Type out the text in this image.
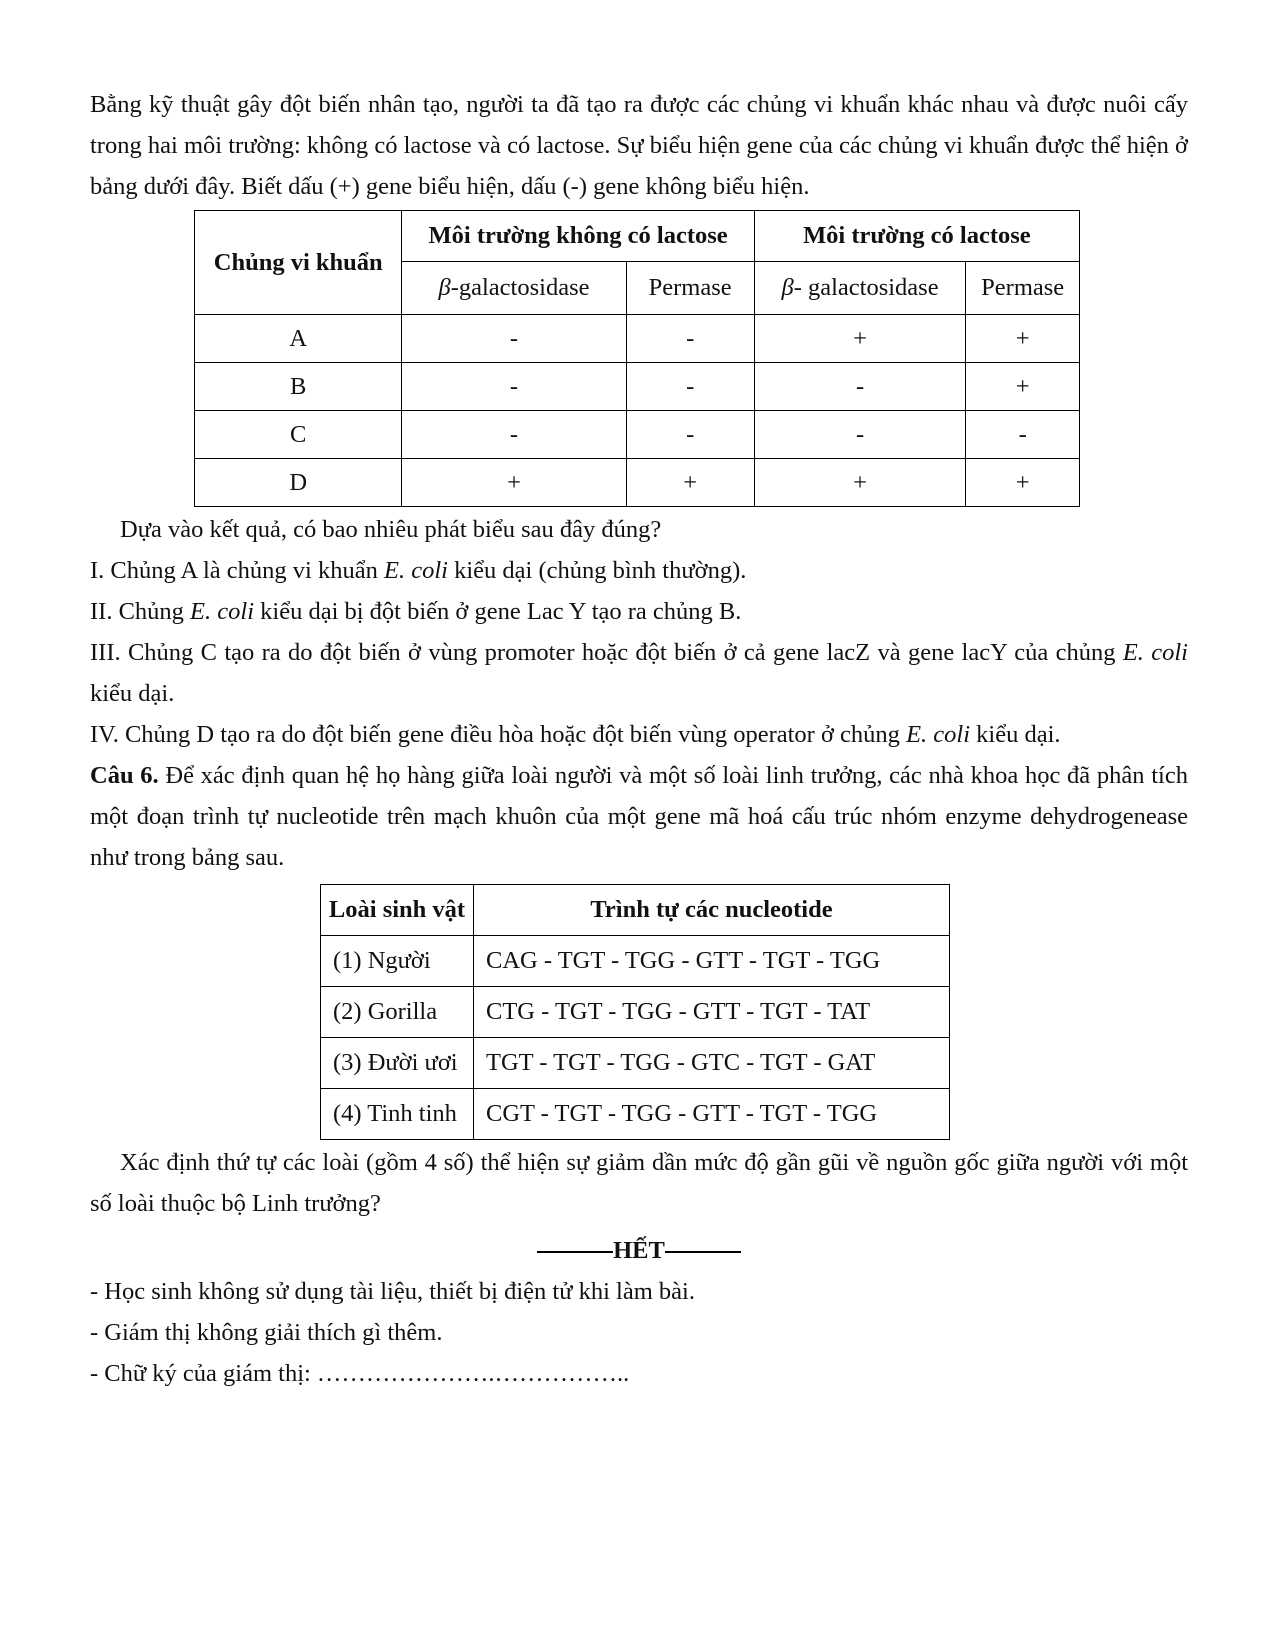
Bằng kỹ thuật gây đột biến nhân tạo, người ta đã tạo ra được các chủng vi khuẩn khác nhau và được nuôi cấy trong hai môi trường: không có lactose và có lactose. Sự biểu hiện gene của các chủng vi khuẩn được thể hiện ở bảng dưới đây. Biết dấu (+) gene biểu hiện, dấu (-) gene không biểu hiện.

Chủng vi khuẩn	Môi trường không có lactose		Môi trường có lactose	
	β-galactosidase	Permase	β- galactosidase	Permase
A	-	-	+	+
B	-	-	-	+
C	-	-	-	-
D	+	+	+	+

Dựa vào kết quả, có bao nhiêu phát biểu sau đây đúng?

I. Chủng A là chủng vi khuẩn E. coli kiểu dại (chủng bình thường).

II. Chủng E. coli kiểu dại bị đột biến ở gene Lac Y tạo ra chủng B.

III. Chủng C tạo ra do đột biến ở vùng promoter hoặc đột biến ở cả gene lacZ và gene lacY của chủng E. coli kiểu dại.

IV. Chủng D tạo ra do đột biến gene điều hòa hoặc đột biến vùng operator ở chủng E. coli kiểu dại.

Câu 6. Để xác định quan hệ họ hàng giữa loài người và một số loài linh trưởng, các nhà khoa học đã phân tích một đoạn trình tự nucleotide trên mạch khuôn của một gene mã hoá cấu trúc nhóm enzyme dehydrogenease như trong bảng sau.

Loài sinh vật	Trình tự các nucleotide
(1) Người	CAG - TGT - TGG - GTT - TGT - TGG
(2) Gorilla	CTG - TGT - TGG - GTT - TGT - TAT
(3) Đười ươi	TGT - TGT - TGG - GTC - TGT - GAT
(4) Tinh tinh	CGT - TGT - TGG - GTT - TGT - TGG

Xác định thứ tự các loài (gồm 4 số) thể hiện sự giảm dần mức độ gần gũi về nguồn gốc giữa người với một số loài thuộc bộ Linh trưởng?

HẾT

- Học sinh không sử dụng tài liệu, thiết bị điện tử khi làm bài.

- Giám thị không giải thích gì thêm.

- Chữ ký của giám thị: ………………….……………..
